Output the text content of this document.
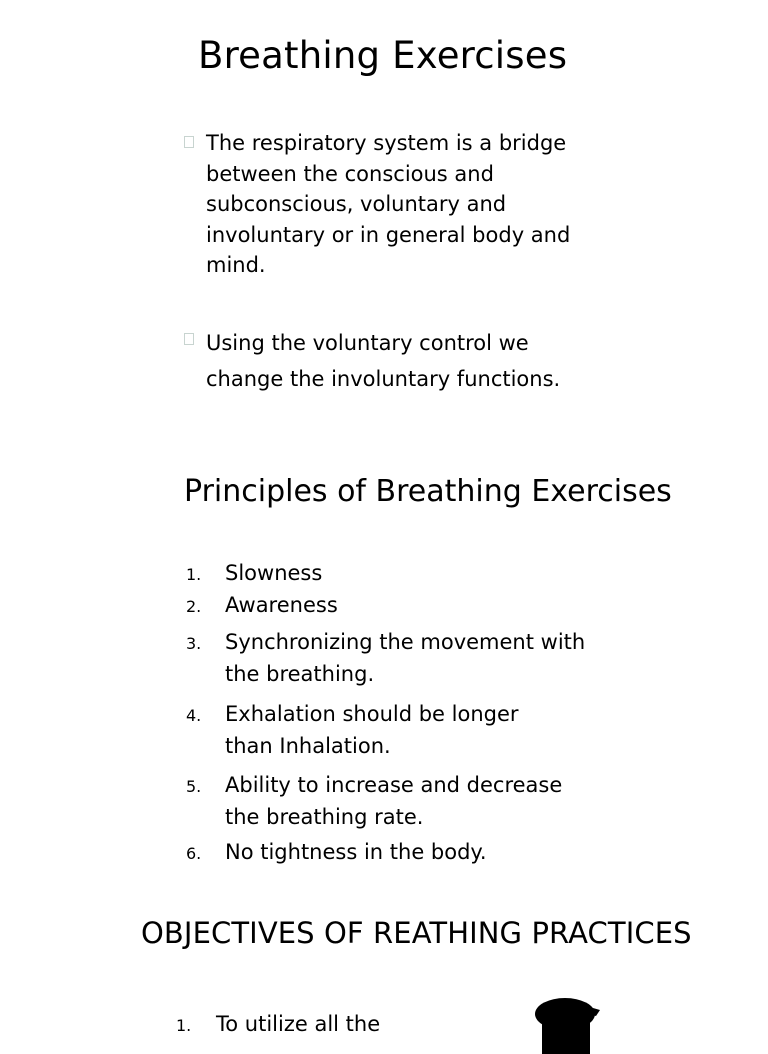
Breathing Exercises
The respiratory system is a bridge
between the conscious and
subconscious, voluntary and
involuntary or in general body and
mind.
Using the voluntary control we
change the involuntary functions.
Principles of Breathing Exercises
1. Slowness
2. Awareness
3. Synchronizing the movement with
the breathing.
4. Exhalation should be longer
than Inhalation.
5. Ability to increase and decrease
the breathing rate.
6. No tightness in the body.
OBJECTIVES OF REATHING PRACTICES
1. To utilize all the
